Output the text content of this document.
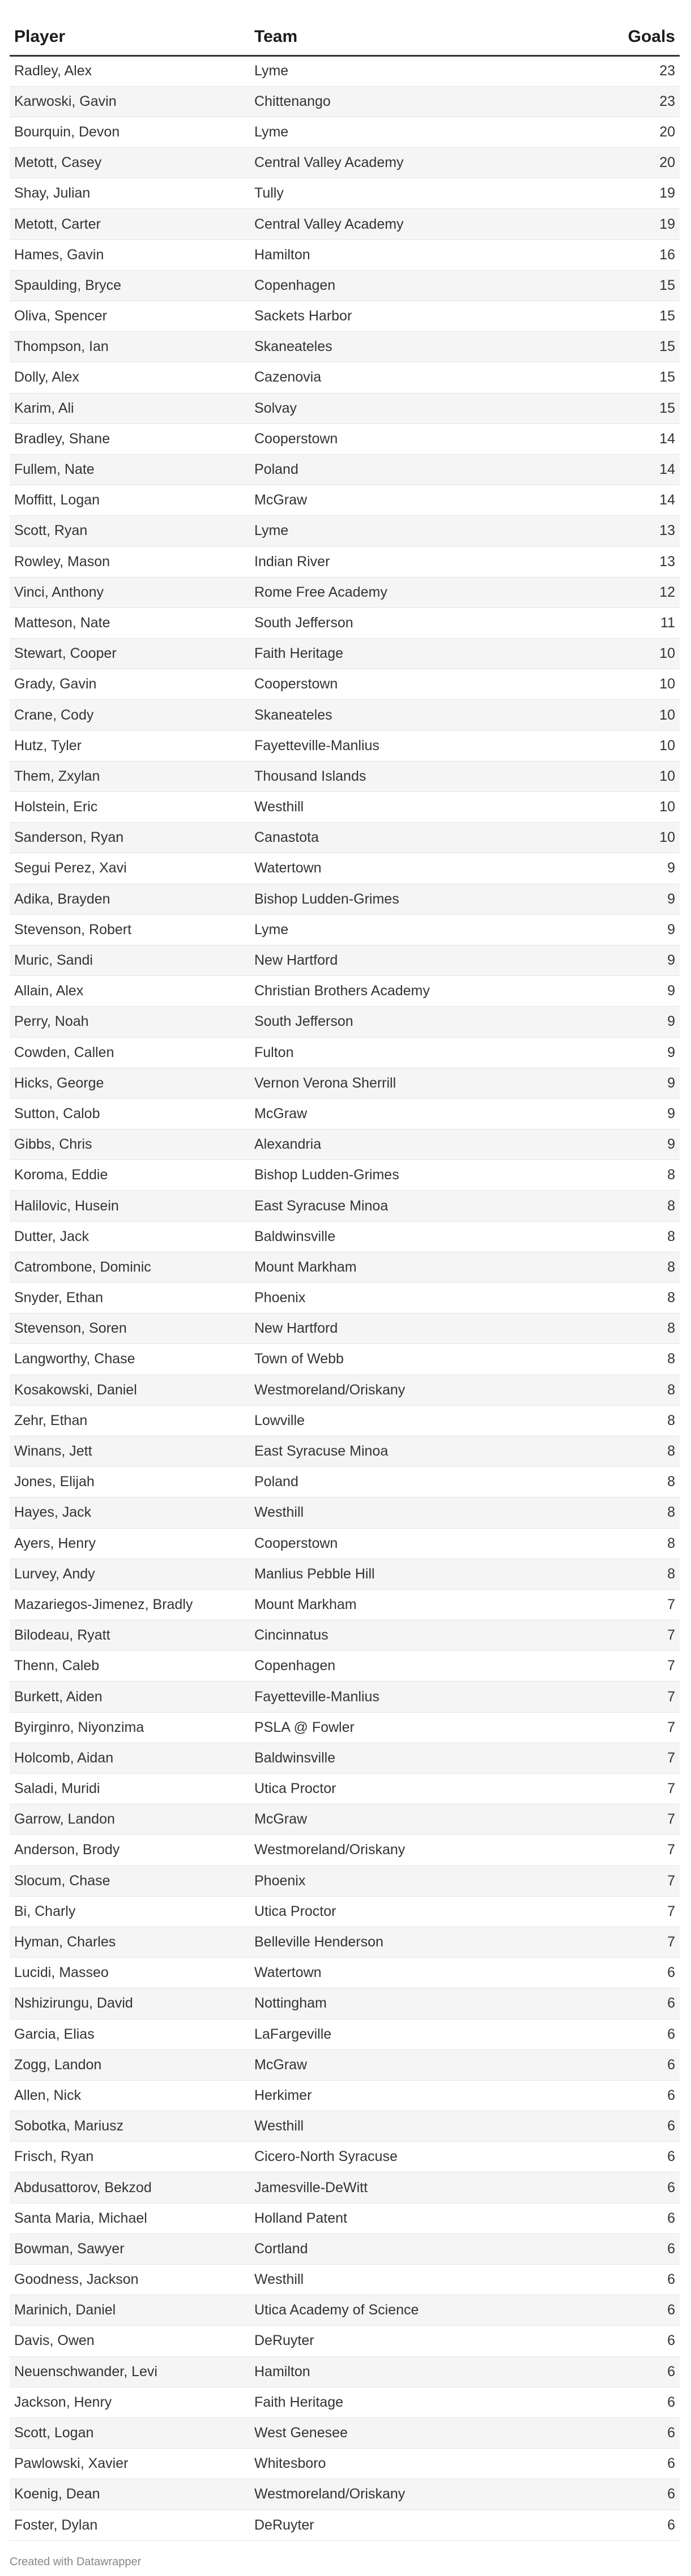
Player	Team	Goals
Radley, Alex	Lyme	23
Karwoski, Gavin	Chittenango	23
Bourquin, Devon	Lyme	20
Metott, Casey	Central Valley Academy	20
Shay, Julian	Tully	19
Metott, Carter	Central Valley Academy	19
Hames, Gavin	Hamilton	16
Spaulding, Bryce	Copenhagen	15
Oliva, Spencer	Sackets Harbor	15
Thompson, Ian	Skaneateles	15
Dolly, Alex	Cazenovia	15
Karim, Ali	Solvay	15
Bradley, Shane	Cooperstown	14
Fullem, Nate	Poland	14
Moffitt, Logan	McGraw	14
Scott, Ryan	Lyme	13
Rowley, Mason	Indian River	13
Vinci, Anthony	Rome Free Academy	12
Matteson, Nate	South Jefferson	11
Stewart, Cooper	Faith Heritage	10
Grady, Gavin	Cooperstown	10
Crane, Cody	Skaneateles	10
Hutz, Tyler	Fayetteville-Manlius	10
Them, Zxylan	Thousand Islands	10
Holstein, Eric	Westhill	10
Sanderson, Ryan	Canastota	10
Segui Perez, Xavi	Watertown	9
Adika, Brayden	Bishop Ludden-Grimes	9
Stevenson, Robert	Lyme	9
Muric, Sandi	New Hartford	9
Allain, Alex	Christian Brothers Academy	9
Perry, Noah	South Jefferson	9
Cowden, Callen	Fulton	9
Hicks, George	Vernon Verona Sherrill	9
Sutton, Calob	McGraw	9
Gibbs, Chris	Alexandria	9
Koroma, Eddie	Bishop Ludden-Grimes	8
Halilovic, Husein	East Syracuse Minoa	8
Dutter, Jack	Baldwinsville	8
Catrombone, Dominic	Mount Markham	8
Snyder, Ethan	Phoenix	8
Stevenson, Soren	New Hartford	8
Langworthy, Chase	Town of Webb	8
Kosakowski, Daniel	Westmoreland/Oriskany	8
Zehr, Ethan	Lowville	8
Winans, Jett	East Syracuse Minoa	8
Jones, Elijah	Poland	8
Hayes, Jack	Westhill	8
Ayers, Henry	Cooperstown	8
Lurvey, Andy	Manlius Pebble Hill	8
Mazariegos-Jimenez, Bradly	Mount Markham	7
Bilodeau, Ryatt	Cincinnatus	7
Thenn, Caleb	Copenhagen	7
Burkett, Aiden	Fayetteville-Manlius	7
Byirginro, Niyonzima	PSLA @ Fowler	7
Holcomb, Aidan	Baldwinsville	7
Saladi, Muridi	Utica Proctor	7
Garrow, Landon	McGraw	7
Anderson, Brody	Westmoreland/Oriskany	7
Slocum, Chase	Phoenix	7
Bi, Charly	Utica Proctor	7
Hyman, Charles	Belleville Henderson	7
Lucidi, Masseo	Watertown	6
Nshizirungu, David	Nottingham	6
Garcia, Elias	LaFargeville	6
Zogg, Landon	McGraw	6
Allen, Nick	Herkimer	6
Sobotka, Mariusz	Westhill	6
Frisch, Ryan	Cicero-North Syracuse	6
Abdusattorov, Bekzod	Jamesville-DeWitt	6
Santa Maria, Michael	Holland Patent	6
Bowman, Sawyer	Cortland	6
Goodness, Jackson	Westhill	6
Marinich, Daniel	Utica Academy of Science	6
Davis, Owen	DeRuyter	6
Neuenschwander, Levi	Hamilton	6
Jackson, Henry	Faith Heritage	6
Scott, Logan	West Genesee	6
Pawlowski, Xavier	Whitesboro	6
Koenig, Dean	Westmoreland/Oriskany	6
Foster, Dylan	DeRuyter	6
Created with Datawrapper
